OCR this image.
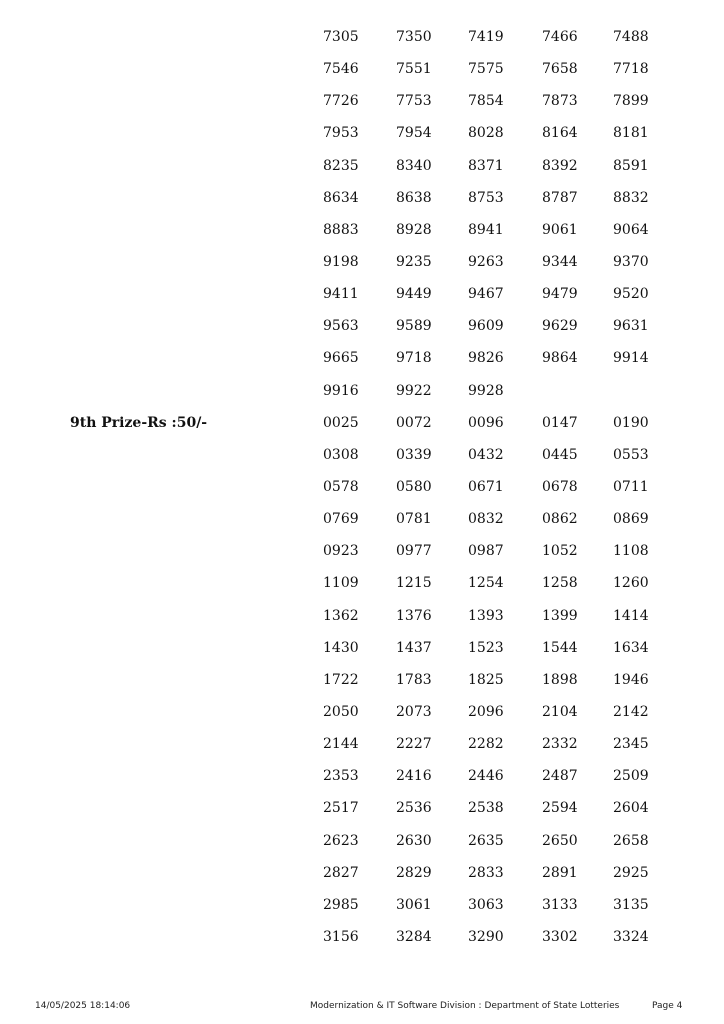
7305	7350	7419	7466	7488
7546	7551	7575	7658	7718
7726	7753	7854	7873	7899
7953	7954	8028	8164	8181
8235	8340	8371	8392	8591
8634	8638	8753	8787	8832
8883	8928	8941	9061	9064
9198	9235	9263	9344	9370
9411	9449	9467	9479	9520
9563	9589	9609	9629	9631
9665	9718	9826	9864	9914
9916	9922	9928
9th Prize-Rs :50/-	0025	0072	0096	0147	0190
0308	0339	0432	0445	0553
0578	0580	0671	0678	0711
0769	0781	0832	0862	0869
0923	0977	0987	1052	1108
1109	1215	1254	1258	1260
1362	1376	1393	1399	1414
1430	1437	1523	1544	1634
1722	1783	1825	1898	1946
2050	2073	2096	2104	2142
2144	2227	2282	2332	2345
2353	2416	2446	2487	2509
2517	2536	2538	2594	2604
2623	2630	2635	2650	2658
2827	2829	2833	2891	2925
2985	3061	3063	3133	3135
3156	3284	3290	3302	3324
14/05/2025 18:14:06	Modernization & IT Software Division : Department of State Lotteries	Page 4
